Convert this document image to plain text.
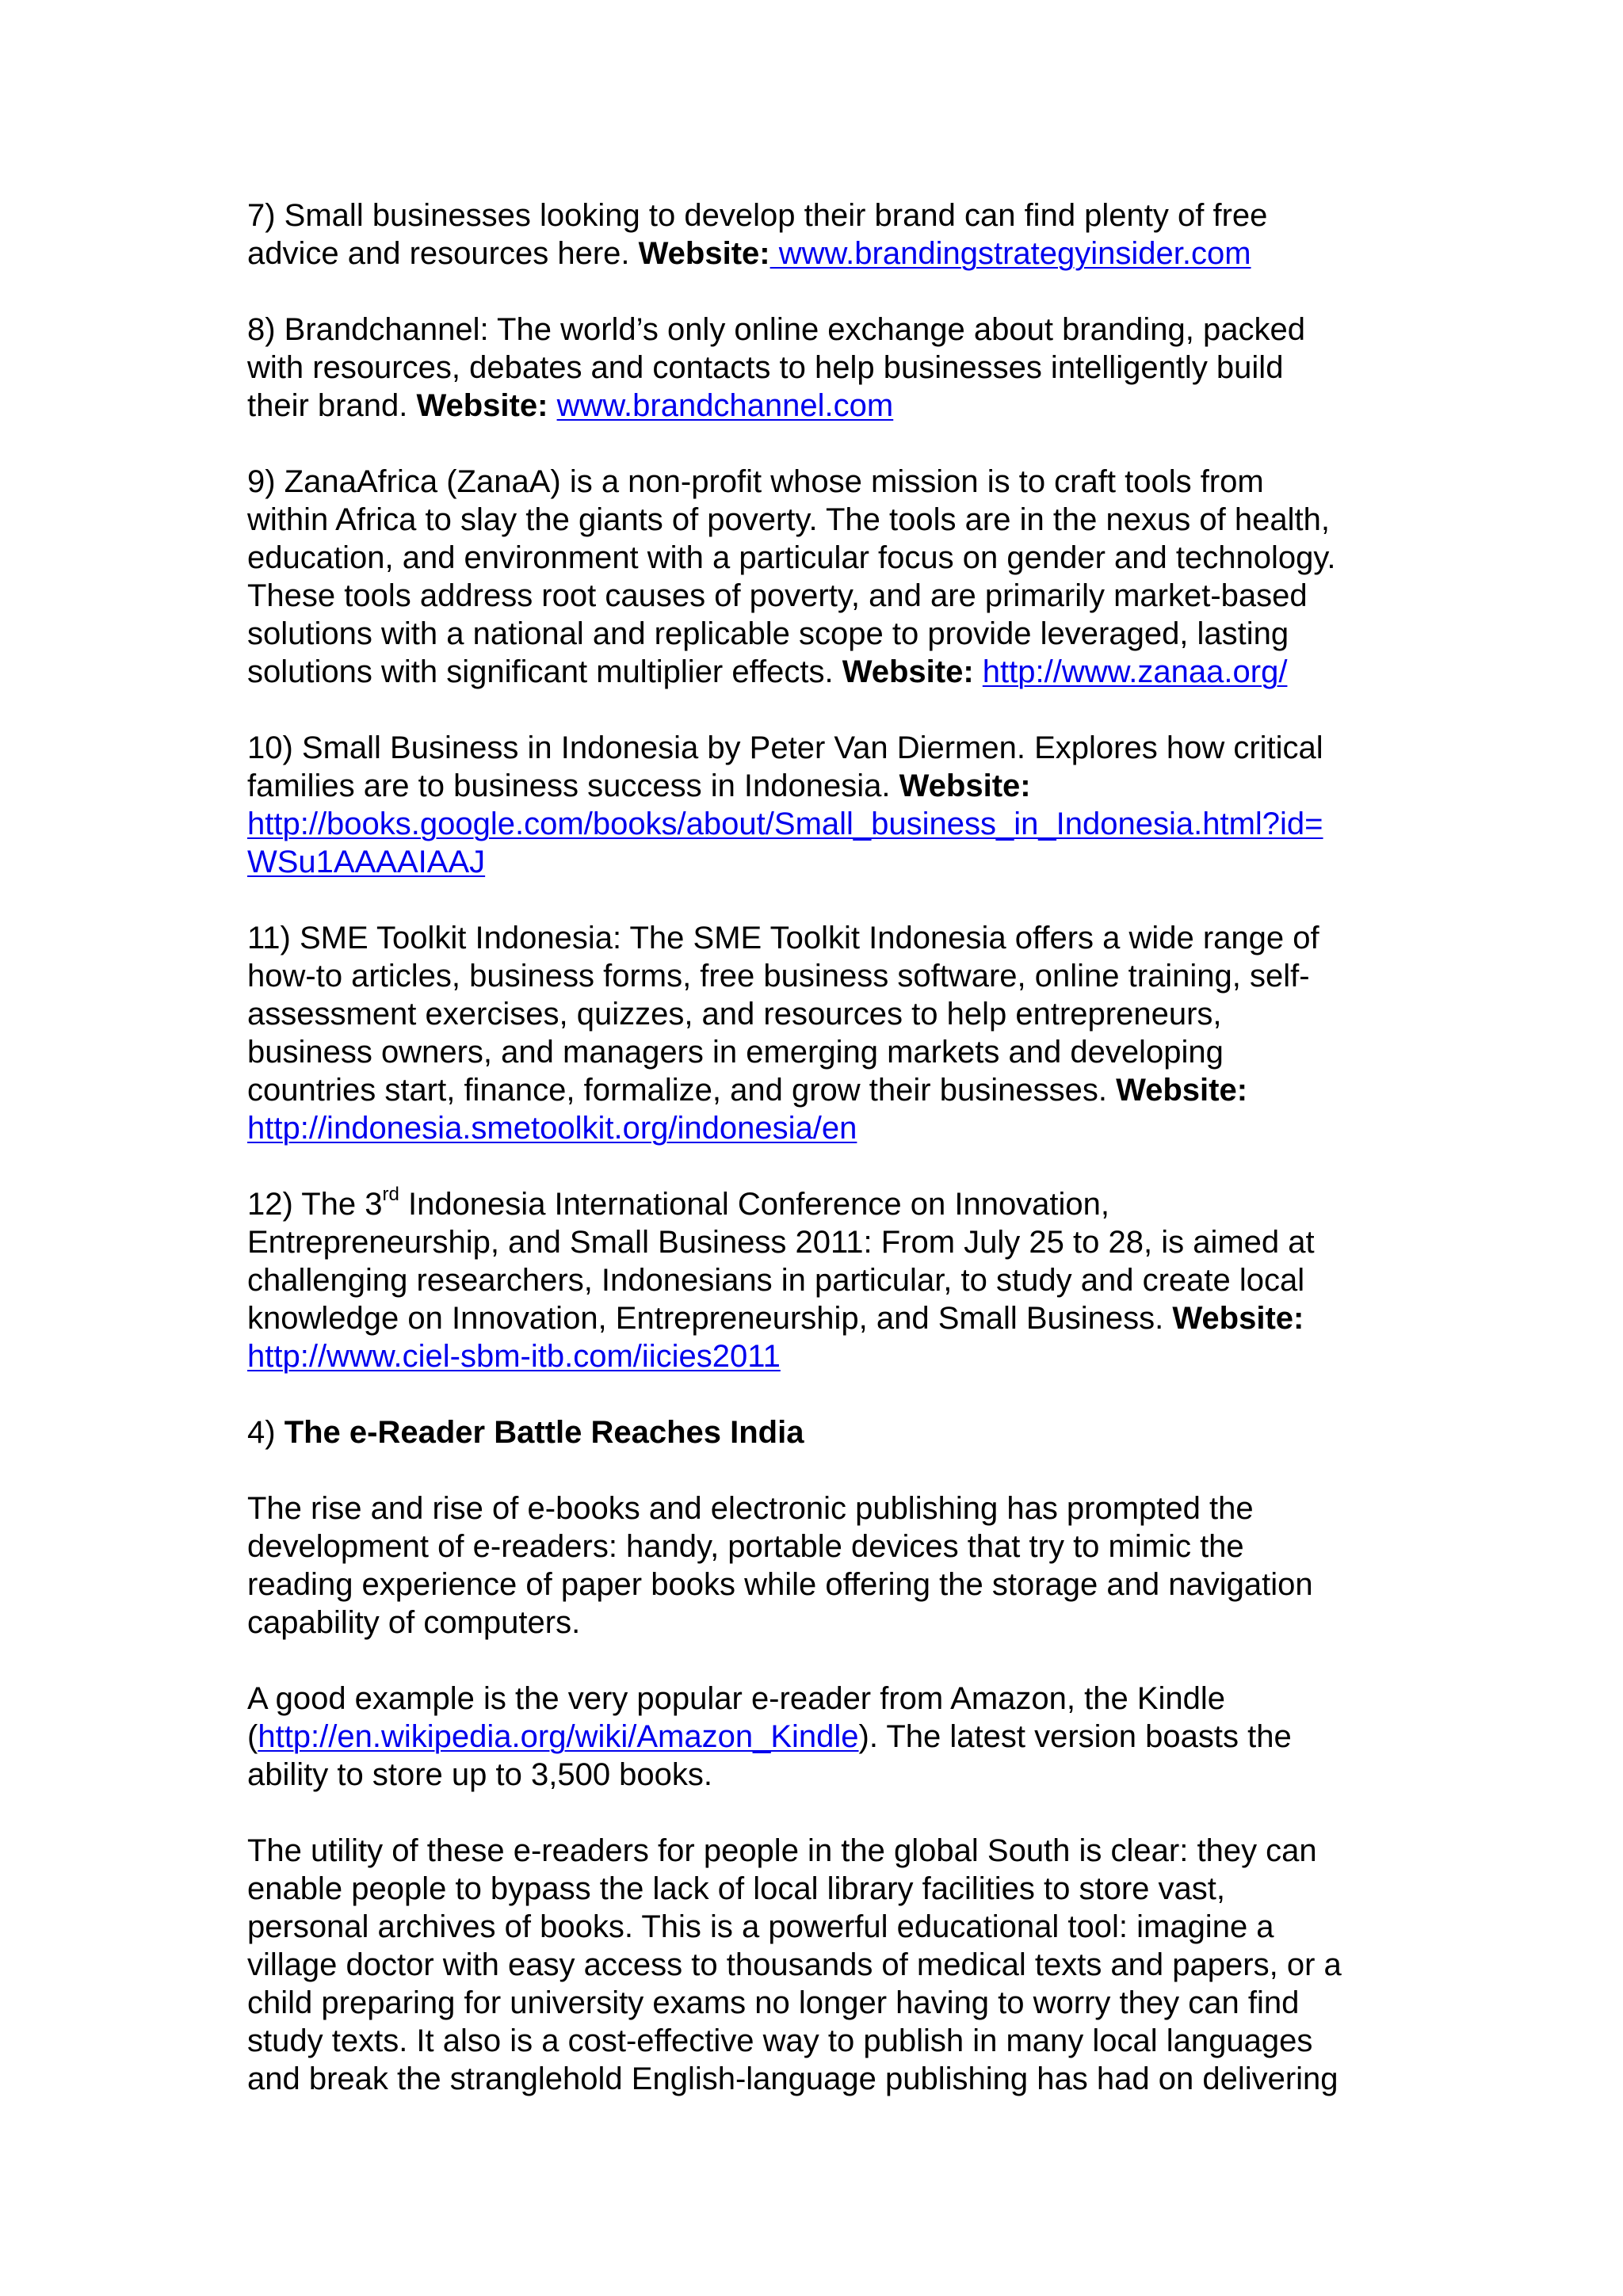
7) Small businesses looking to develop their brand can find plenty of free
advice and resources here. Website: www.brandingstrategyinsider.com

8) Brandchannel: The world’s only online exchange about branding, packed
with resources, debates and contacts to help businesses intelligently build
their brand. Website: www.brandchannel.com

9) ZanaAfrica (ZanaA) is a non-profit whose mission is to craft tools from
within Africa to slay the giants of poverty. The tools are in the nexus of health,
education, and environment with a particular focus on gender and technology.
These tools address root causes of poverty, and are primarily market-based
solutions with a national and replicable scope to provide leveraged, lasting
solutions with significant multiplier effects. Website: http://www.zanaa.org/

10) Small Business in Indonesia by Peter Van Diermen. Explores how critical
families are to business success in Indonesia. Website:
http://books.google.com/books/about/Small_business_in_Indonesia.html?id=
WSu1AAAAIAAJ

11) SME Toolkit Indonesia: The SME Toolkit Indonesia offers a wide range of
how-to articles, business forms, free business software, online training, self-
assessment exercises, quizzes, and resources to help entrepreneurs,
business owners, and managers in emerging markets and developing
countries start, finance, formalize, and grow their businesses. Website:
http://indonesia.smetoolkit.org/indonesia/en

12) The 3rd Indonesia International Conference on Innovation,
Entrepreneurship, and Small Business 2011: From July 25 to 28, is aimed at
challenging researchers, Indonesians in particular, to study and create local
knowledge on Innovation, Entrepreneurship, and Small Business. Website:
http://www.ciel-sbm-itb.com/iicies2011

4) The e-Reader Battle Reaches India

The rise and rise of e-books and electronic publishing has prompted the
development of e-readers: handy, portable devices that try to mimic the
reading experience of paper books while offering the storage and navigation
capability of computers.

A good example is the very popular e-reader from Amazon, the Kindle
(http://en.wikipedia.org/wiki/Amazon_Kindle). The latest version boasts the
ability to store up to 3,500 books.

The utility of these e-readers for people in the global South is clear: they can
enable people to bypass the lack of local library facilities to store vast,
personal archives of books. This is a powerful educational tool: imagine a
village doctor with easy access to thousands of medical texts and papers, or a
child preparing for university exams no longer having to worry they can find
study texts. It also is a cost-effective way to publish in many local languages
and break the stranglehold English-language publishing has had on delivering
